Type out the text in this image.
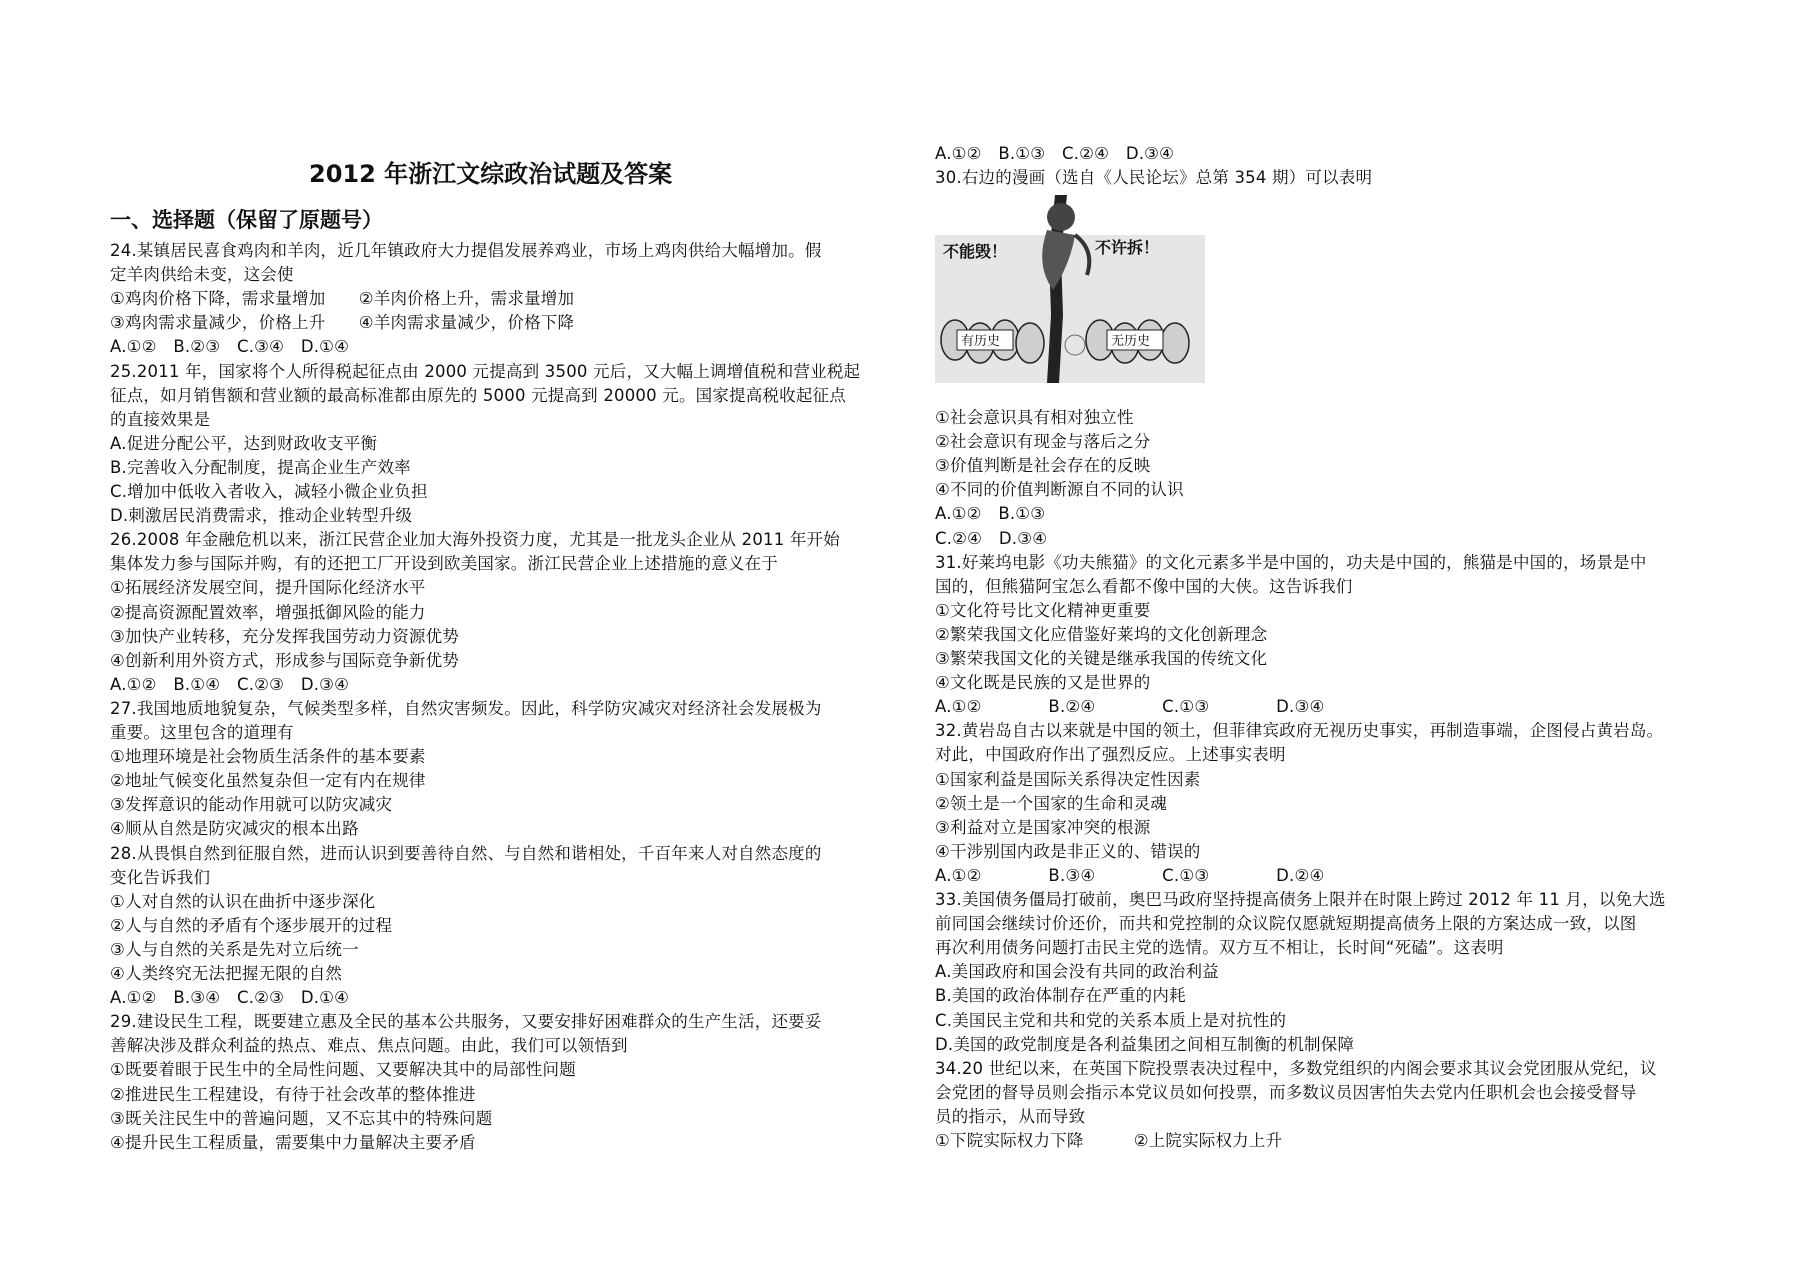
2012 年浙江文综政治试题及答案
一、选择题（保留了原题号）
24.某镇居民喜食鸡肉和羊肉，近几年镇政府大力提倡发展养鸡业，市场上鸡肉供给大幅增加。假
定羊肉供给未变，这会使
①鸡肉价格下降，需求量增加　　②羊肉价格上升，需求量增加
③鸡肉需求量减少，价格上升　　④羊肉需求量减少，价格下降
A.①②　B.②③　C.③④　D.①④
25.2011 年，国家将个人所得税起征点由 2000 元提高到 3500 元后，又大幅上调增值税和营业税起
征点，如月销售额和营业额的最高标准都由原先的 5000 元提高到 20000 元。国家提高税收起征点
的直接效果是
A.促进分配公平，达到财政收支平衡
B.完善收入分配制度，提高企业生产效率
C.增加中低收入者收入，减轻小微企业负担
D.刺激居民消费需求，推动企业转型升级
26.2008 年金融危机以来，浙江民营企业加大海外投资力度，尤其是一批龙头企业从 2011 年开始
集体发力参与国际并购，有的还把工厂开设到欧美国家。浙江民营企业上述措施的意义在于
①拓展经济发展空间，提升国际化经济水平
②提高资源配置效率，增强抵御风险的能力
③加快产业转移，充分发挥我国劳动力资源优势
④创新利用外资方式，形成参与国际竞争新优势
A.①②　B.①④　C.②③　D.③④
27.我国地质地貌复杂，气候类型多样，自然灾害频发。因此，科学防灾减灾对经济社会发展极为
重要。这里包含的道理有
①地理环境是社会物质生活条件的基本要素
②地址气候变化虽然复杂但一定有内在规律
③发挥意识的能动作用就可以防灾减灾
④顺从自然是防灾减灾的根本出路
28.从畏惧自然到征服自然，进而认识到要善待自然、与自然和谐相处，千百年来人对自然态度的
变化告诉我们
①人对自然的认识在曲折中逐步深化
②人与自然的矛盾有个逐步展开的过程
③人与自然的关系是先对立后统一
④人类终究无法把握无限的自然
A.①②　B.③④　C.②③　D.①④
29.建设民生工程，既要建立惠及全民的基本公共服务，又要安排好困难群众的生产生活，还要妥
善解决涉及群众利益的热点、难点、焦点问题。由此，我们可以领悟到
①既要着眼于民生中的全局性问题、又要解决其中的局部性问题
②推进民生工程建设，有待于社会改革的整体推进
③既关注民生中的普遍问题，又不忘其中的特殊问题
④提升民生工程质量，需要集中力量解决主要矛盾
A.①②　B.①③　C.②④　D.③④
30.右边的漫画（选自《人民论坛》总第 354 期）可以表明
不能毁！	不许拆！
有历史	无历史
①社会意识具有相对独立性
②社会意识有现金与落后之分
③价值判断是社会存在的反映
④不同的价值判断源自不同的认识
A.①②　B.①③
C.②④　D.③④
31.好莱坞电影《功夫熊猫》的文化元素多半是中国的，功夫是中国的，熊猫是中国的，场景是中
国的，但熊猫阿宝怎么看都不像中国的大侠。这告诉我们
①文化符号比文化精神更重要
②繁荣我国文化应借鉴好莱坞的文化创新理念
③繁荣我国文化的关键是继承我国的传统文化
④文化既是民族的又是世界的
A.①②　　　　B.②④　　　　C.①③　　　　D.③④
32.黄岩岛自古以来就是中国的领土，但菲律宾政府无视历史事实，再制造事端，企图侵占黄岩岛。
对此，中国政府作出了强烈反应。上述事实表明
①国家利益是国际关系得决定性因素
②领土是一个国家的生命和灵魂
③利益对立是国家冲突的根源
④干涉别国内政是非正义的、错误的
A.①②　　　　B.③④　　　　C.①③　　　　D.②④
33.美国债务僵局打破前，奥巴马政府坚持提高债务上限并在时限上跨过 2012 年 11 月，以免大选
前同国会继续讨价还价，而共和党控制的众议院仅愿就短期提高债务上限的方案达成一致，以图
再次利用债务问题打击民主党的选情。双方互不相让，长时间“死磕”。这表明
A.美国政府和国会没有共同的政治利益
B.美国的政治体制存在严重的内耗
C.美国民主党和共和党的关系本质上是对抗性的
D.美国的政党制度是各利益集团之间相互制衡的机制保障
34.20 世纪以来，在英国下院投票表决过程中，多数党组织的内阁会要求其议会党团服从党纪，议
会党团的督导员则会指示本党议员如何投票，而多数议员因害怕失去党内任职机会也会接受督导
员的指示，从而导致
①下院实际权力下降　　　②上院实际权力上升
